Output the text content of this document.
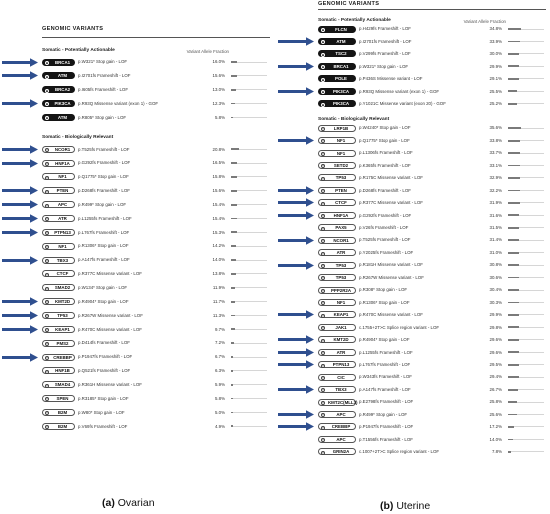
GENOMIC VARIANTS
Somatic - Potentially Actionable	Variant Allele Fraction
−	BRCA1	p.W321* Stop gain - LOF	16.0%
−	ATM	p.I2701fs Frameshift - LOF	15.6%
−	BRCA2	p.I605fs Frameshift - LOF	13.0%
−	PIK3CA	p.R93Q Missense variant (exon 1) - GOF	12.3%
−	ATM	p.R805* Stop gain - LOF	5.8%
Somatic - Biologically Relevant
−	NCOR1	p.T525fs Frameshift - LOF	20.8%
−	HNF1A	p.G292fs Frameshift - LOF	16.5%
−	NF1	p.Q1775* Stop gain - LOF	15.8%
−	PTEN	p.D268fs Frameshift - LOF	15.6%
−	APC	p.R499* Stop gain - LOF	15.4%
−	ATR	p.L1255fs Frameshift - LOF	15.4%
−	PTPN13	p.L767fs Frameshift - LOF	15.3%
−	NF1	p.R1306* Stop gain - LOF	14.2%
−	TBX3	p.A147fs Frameshift - LOF	14.0%
−	CTCF	p.R377C Missense variant - LOF	13.8%
−	SMAD2	p.W134* Stop gain - LOF	11.9%
−	KMT2D	p.R4904* Stop gain - LOF	11.7%
−	TP53	p.R267W Missense variant - LOF	11.3%
−	KEAP1	p.R470C Missense variant - LOF	9.7%
−	PMS2	p.D414fs Frameshift - LOF	7.2%
− CREBBP p.P1947fs Frameshift - LOF	6.7%
−	HNF1B	p.Q521fs Frameshift - LOF	6.3%
−	SMAD4	p.R361H Missense variant - LOF	5.9%
−	SPEN	p.R3185* Stop gain - LOF	5.8%
−	B2M	p.W80* Stop gain - LOF	5.0%
−	B2M	p.V69fs Frameshift - LOF	4.9%
GENOMIC VARIANTS
Somatic - Potentially Actionable	Variant Allele Fraction
−	FLCN	p.H429fs Frameshift - LOF	34.8%
−	ATM	p.I2701fs Frameshift - LOF	33.9%
−	TSC2	p.V299fs Frameshift - LOF	30.0%
−	BRCA1	p.W321* Stop gain - LOF	29.9%
−	POLE	p.P436S Missense variant - LOF	29.1%
−	PIK3CA	p.R93Q Missense variant (exon 1) - GOF	25.5%
−	PIK3CA	p.Y1021C Missense variant (exon 20) - GOF	25.2%
Somatic - Biologically Relevant
−	LRP1B	p.W4240* Stop gain - LOF	35.6%
−	NF1	p.Q1775* Stop gain - LOF	33.8%
−	NF1	p.L1306fs Frameshift - LOF	33.7%
−	SETD2	p.K365fs Frameshift - LOF	33.1%
−	TP53	p.R175C Missense variant - LOF	32.9%
−	PTEN	p.D268fs Frameshift - LOF	32.2%
−	CTCF	p.R377C Missense variant - LOF	31.9%
−	HNF1A	p.G292fs Frameshift - LOF	31.6%
−	PAX5	p.V26fs Frameshift - LOF	31.5%
−	NCOR1	p.T525fs Frameshift - LOF	31.4%
−	ATR	p.Y2025fs Frameshift - LOF	31.0%
−	TP53	p.R181H Missense variant - LOF	30.8%
−	TP53	p.R267W Missense variant - LOF	30.6%
−	PPP2R2A	p.R308* Stop gain - LOF	30.4%
−	NF1	p.R1306* Stop gain - LOF	30.3%
−	KEAP1	p.R470C Missense variant - LOF	29.9%
−	JAK1	c.1755+2T>C Splice region variant - LOF	29.8%
−	KMT2D	p.R4904* Stop gain - LOF	29.6%
−	ATR	p.L1255fs Frameshift - LOF	29.6%
−	PTPN13	p.L767fs Frameshift - LOF	29.5%
−	CIC	p.W343fs Frameshift - LOF	29.4%
−	TBX3	p.A147fs Frameshift - LOF	26.7%
− KMT2C(MLL3) p.E2798fs Frameshift - LOF	25.8%
−	APC	p.R499* Stop gain - LOF	25.6%
−	CREBBP	p.P1947fs Frameshift - LOF	17.2%
−	APC	p.T1556fs Frameshift - LOF	14.0%
−	GRIN2A	c.1007+2T>C Splice region variant - LOF	7.8%
(a) Ovarian	(b) Uterine
